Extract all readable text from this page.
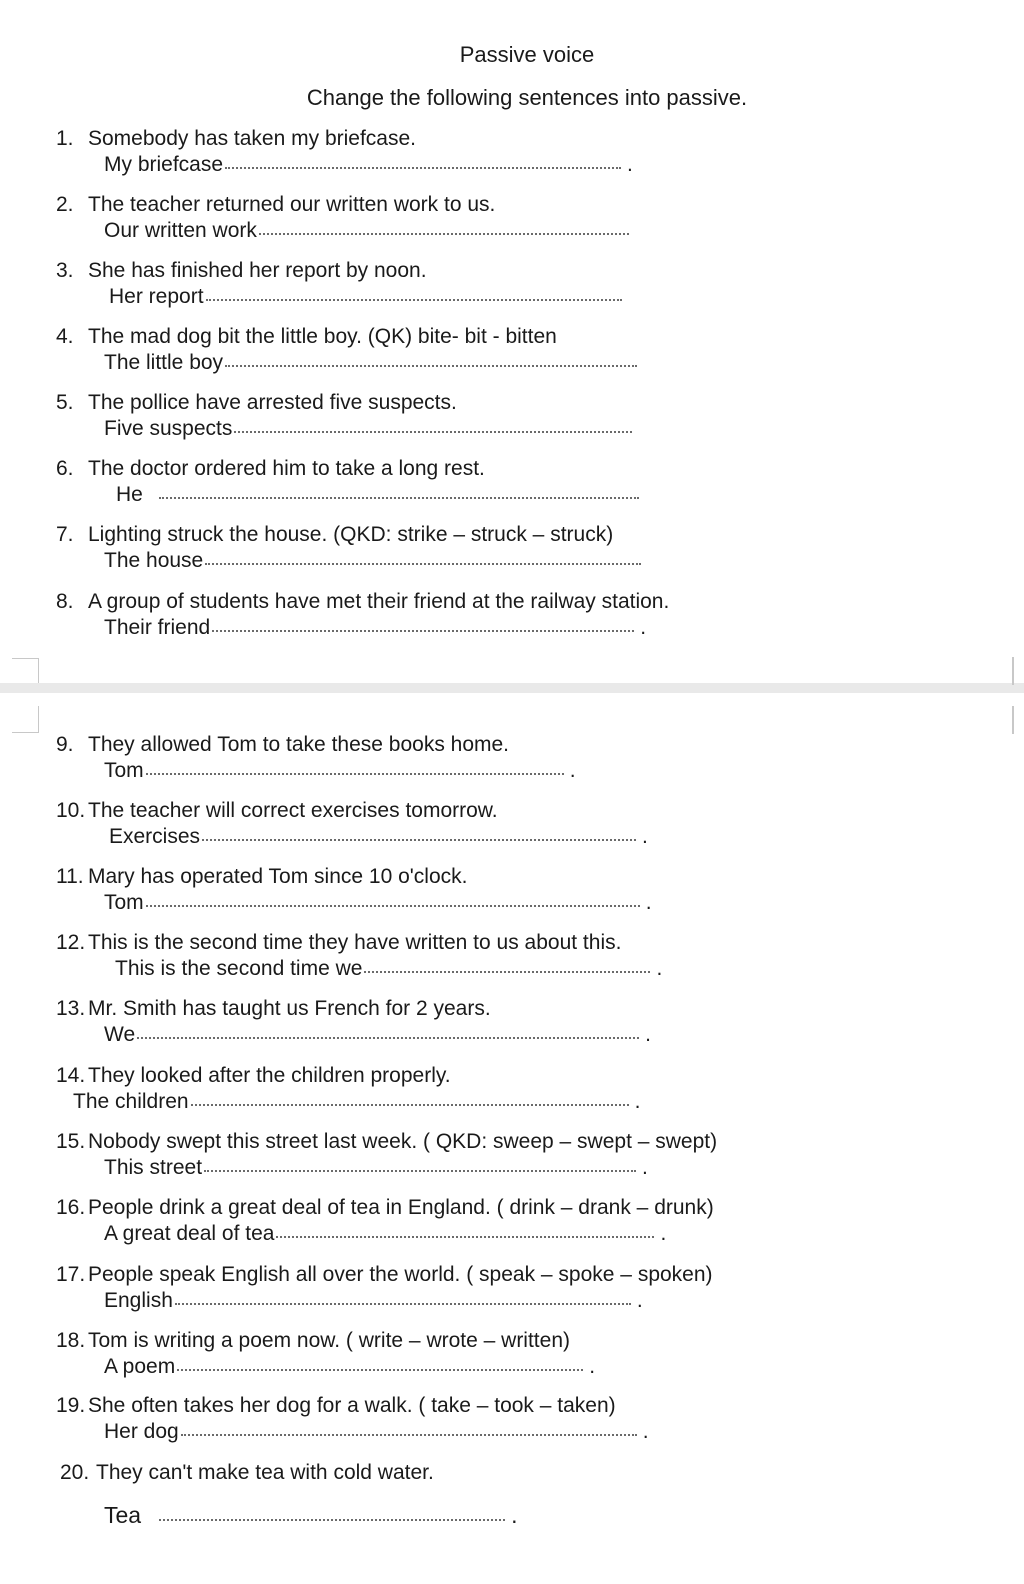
Passive voice
Change the following sentences into passive.
1. Somebody has taken my briefcase.
My briefcase	.
2. The teacher returned our written work to us.
Our written work
3. She has finished her report by noon.
Her report
4. The mad dog bit the little boy. (QK) bite- bit - bitten
The little boy
5. The pollice have arrested five suspects.
Five suspects
6. The doctor ordered him to take a long rest.
He
7. Lighting struck the house. (QKD: strike – struck – struck)
The house
8. A group of students have met their friend at the railway station.
Their friend	.
9. They allowed Tom to take these books home.
Tom	.
10. The teacher will correct exercises tomorrow.
Exercises	.
11. Mary has operated Tom since 10 o'clock.
Tom	.
12. This is the second time they have written to us about this.
This is the second time we	.
13. Mr. Smith has taught us French for 2 years.
We	.
14. They looked after the children properly.
The children	.
15. Nobody swept this street last week. ( QKD: sweep – swept – swept)
This street	.
16. People drink a great deal of tea in England. ( drink – drank – drunk)
A great deal of tea	.
17. People speak English all over the world. ( speak – spoke – spoken)
English	.
18. Tom is writing a poem now. ( write – wrote – written)
A poem	.
19. She often takes her dog for a walk. ( take – took – taken)
Her dog	.
20. They can't make tea with cold water.
Tea	.
